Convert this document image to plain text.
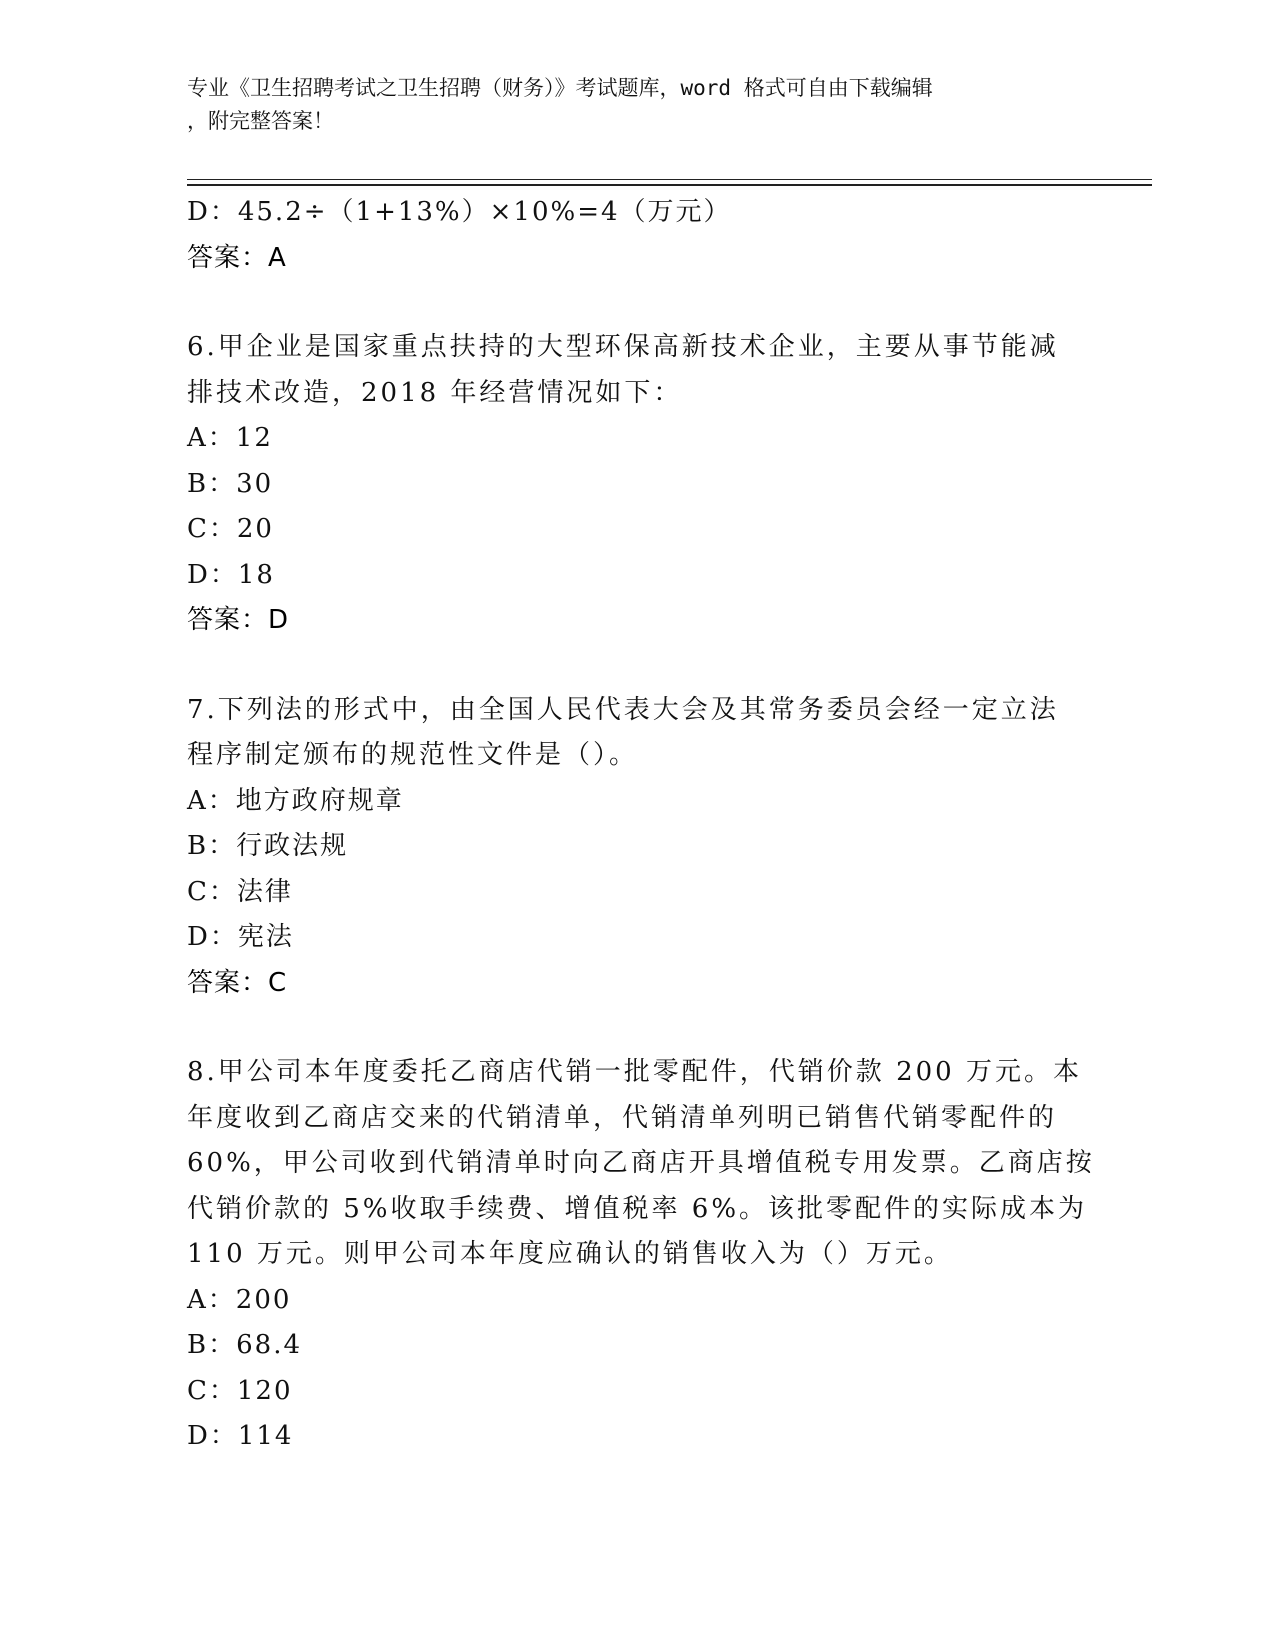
专业《卫生招聘考试之卫生招聘（财务）》考试题库，word 格式可自由下载编辑
，附完整答案！
D：45.2÷（1+13%）×10%=4（万元）
答案：A
6.甲企业是国家重点扶持的大型环保高新技术企业，主要从事节能减
排技术改造，2018 年经营情况如下：
A：12
B：30
C：20
D：18
答案：D
7.下列法的形式中，由全国人民代表大会及其常务委员会经一定立法
程序制定颁布的规范性文件是（）。
A：地方政府规章
B：行政法规
C：法律
D：宪法
答案：C
8.甲公司本年度委托乙商店代销一批零配件，代销价款 200 万元。本
年度收到乙商店交来的代销清单，代销清单列明已销售代销零配件的
60%，甲公司收到代销清单时向乙商店开具增值税专用发票。乙商店按
代销价款的 5%收取手续费、增值税率 6%。该批零配件的实际成本为
110 万元。则甲公司本年度应确认的销售收入为（）万元。
A：200
B：68.4
C：120
D：114
